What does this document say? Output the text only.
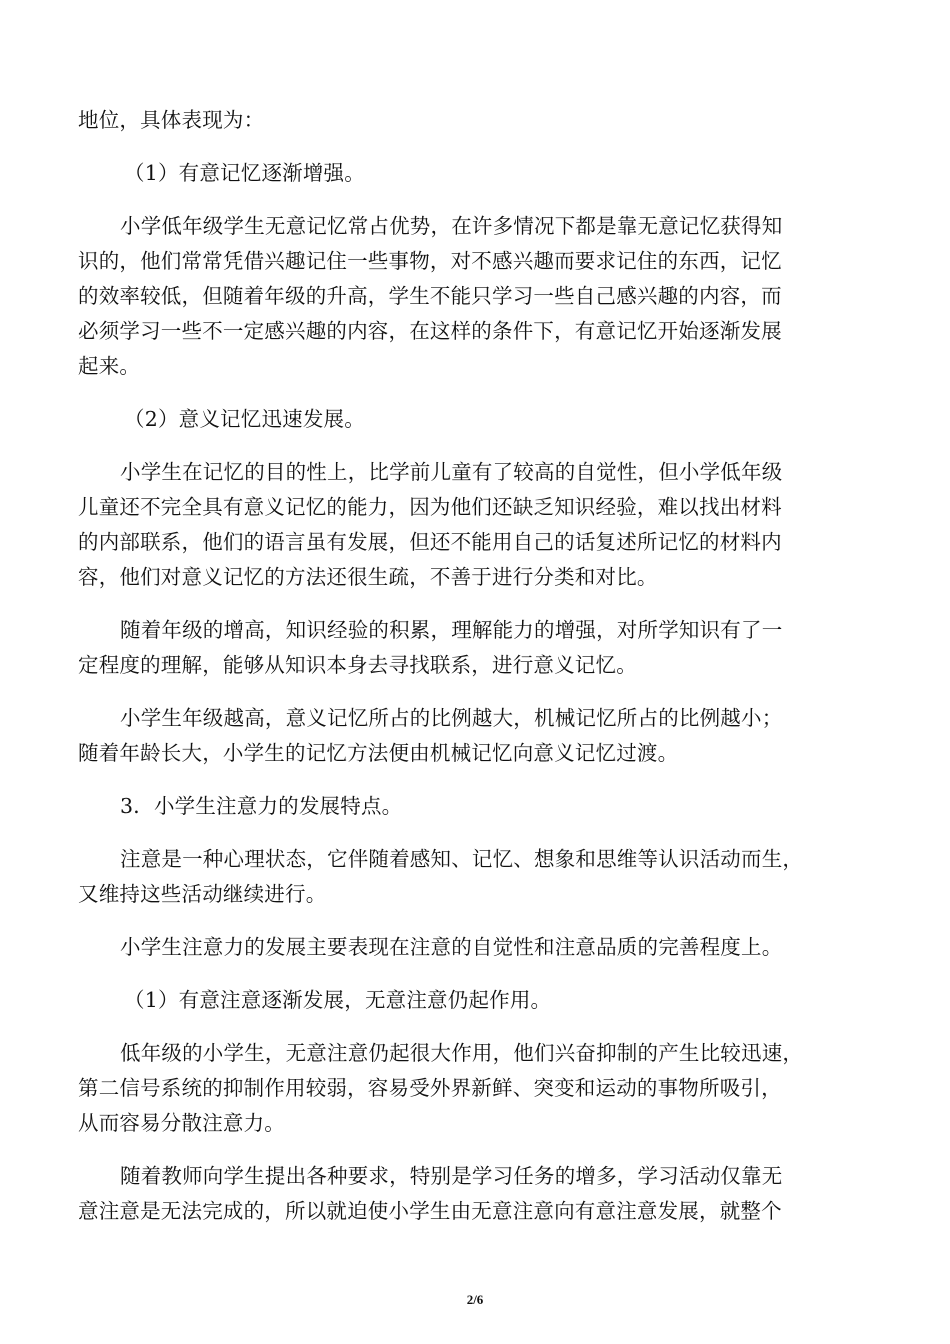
地位，具体表现为：
（1）有意记忆逐渐增强。
小学低年级学生无意记忆常占优势，在许多情况下都是靠无意记忆获得知
识的，他们常常凭借兴趣记住一些事物，对不感兴趣而要求记住的东西，记忆
的效率较低，但随着年级的升高，学生不能只学习一些自己感兴趣的内容，而
必须学习一些不一定感兴趣的内容，在这样的条件下，有意记忆开始逐渐发展
起来。
（2）意义记忆迅速发展。
小学生在记忆的目的性上，比学前儿童有了较高的自觉性，但小学低年级
儿童还不完全具有意义记忆的能力，因为他们还缺乏知识经验，难以找出材料
的内部联系，他们的语言虽有发展，但还不能用自己的话复述所记忆的材料内
容，他们对意义记忆的方法还很生疏，不善于进行分类和对比。
随着年级的增高，知识经验的积累，理解能力的增强，对所学知识有了一
定程度的理解，能够从知识本身去寻找联系，进行意义记忆。
小学生年级越高，意义记忆所占的比例越大，机械记忆所占的比例越小；
随着年龄长大，小学生的记忆方法便由机械记忆向意义记忆过渡。
3．小学生注意力的发展特点。
注意是一种心理状态，它伴随着感知、记忆、想象和思维等认识活动而生，
又维持这些活动继续进行。
小学生注意力的发展主要表现在注意的自觉性和注意品质的完善程度上。
（1）有意注意逐渐发展，无意注意仍起作用。
低年级的小学生，无意注意仍起很大作用，他们兴奋抑制的产生比较迅速，
第二信号系统的抑制作用较弱，容易受外界新鲜、突变和运动的事物所吸引，
从而容易分散注意力。
随着教师向学生提出各种要求，特别是学习任务的增多，学习活动仅靠无
意注意是无法完成的，所以就迫使小学生由无意注意向有意注意发展，就整个
2/6
